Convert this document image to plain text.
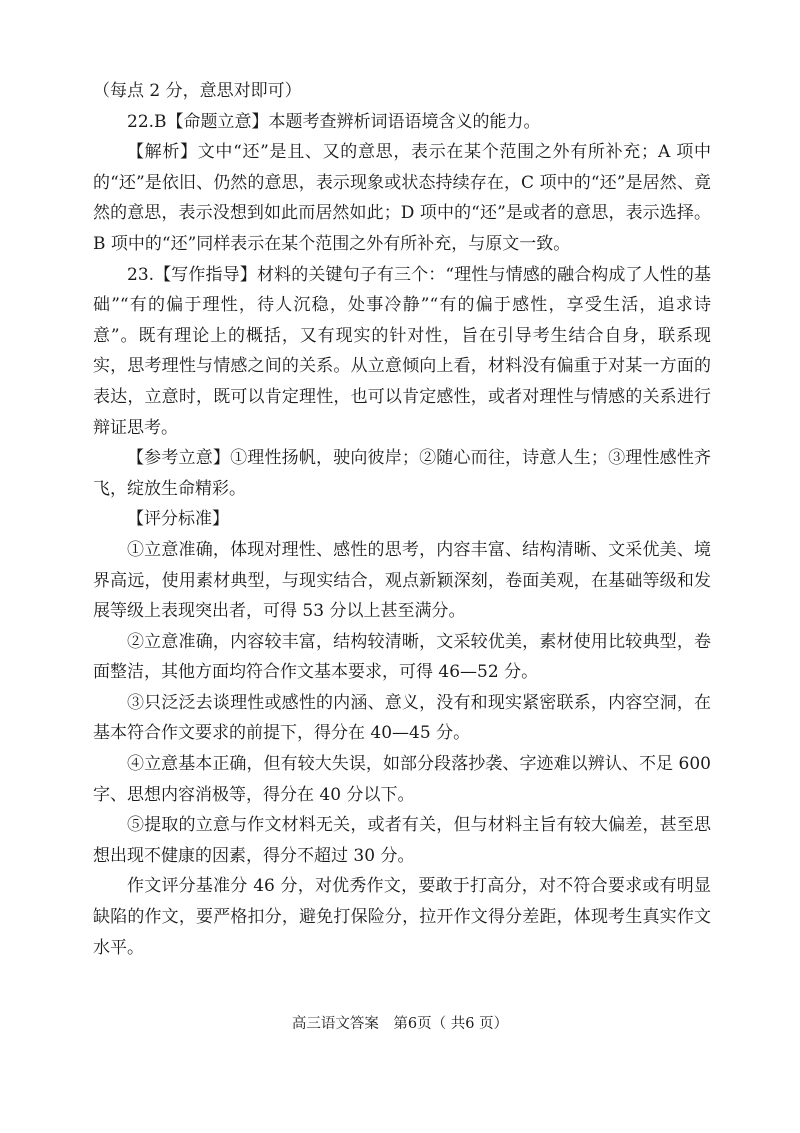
（每点 2 分，意思对即可）

22.B【命题立意】本题考查辨析词语语境含义的能力。

【解析】文中“还”是且、又的意思，表示在某个范围之外有所补充；A 项中的“还”是依旧、仍然的意思，表示现象或状态持续存在，C 项中的“还”是居然、竟然的意思，表示没想到如此而居然如此；D 项中的“还”是或者的意思，表示选择。B 项中的“还”同样表示在某个范围之外有所补充，与原文一致。

23.【写作指导】材料的关键句子有三个：“理性与情感的融合构成了人性的基础”“有的偏于理性，待人沉稳，处事冷静”“有的偏于感性，享受生活，追求诗意”。既有理论上的概括，又有现实的针对性，旨在引导考生结合自身，联系现实，思考理性与情感之间的关系。从立意倾向上看，材料没有偏重于对某一方面的表达，立意时，既可以肯定理性，也可以肯定感性，或者对理性与情感的关系进行辩证思考。

【参考立意】①理性扬帆，驶向彼岸；②随心而往，诗意人生；③理性感性齐飞，绽放生命精彩。

【评分标准】

①立意准确，体现对理性、感性的思考，内容丰富、结构清晰、文采优美、境界高远，使用素材典型，与现实结合，观点新颖深刻，卷面美观，在基础等级和发展等级上表现突出者，可得 53 分以上甚至满分。

②立意准确，内容较丰富，结构较清晰，文采较优美，素材使用比较典型，卷面整洁，其他方面均符合作文基本要求，可得 46—52 分。

③只泛泛去谈理性或感性的内涵、意义，没有和现实紧密联系，内容空洞，在基本符合作文要求的前提下，得分在 40—45 分。

④立意基本正确，但有较大失误，如部分段落抄袭、字迹难以辨认、不足 600 字、思想内容消极等，得分在 40 分以下。

⑤提取的立意与作文材料无关，或者有关，但与材料主旨有较大偏差，甚至思想出现不健康的因素，得分不超过 30 分。

作文评分基准分 46 分，对优秀作文，要敢于打高分，对不符合要求或有明显缺陷的作文，要严格扣分，避免打保险分，拉开作文得分差距，体现考生真实作文水平。

高三语文答案　第6页（ 共6 页）
